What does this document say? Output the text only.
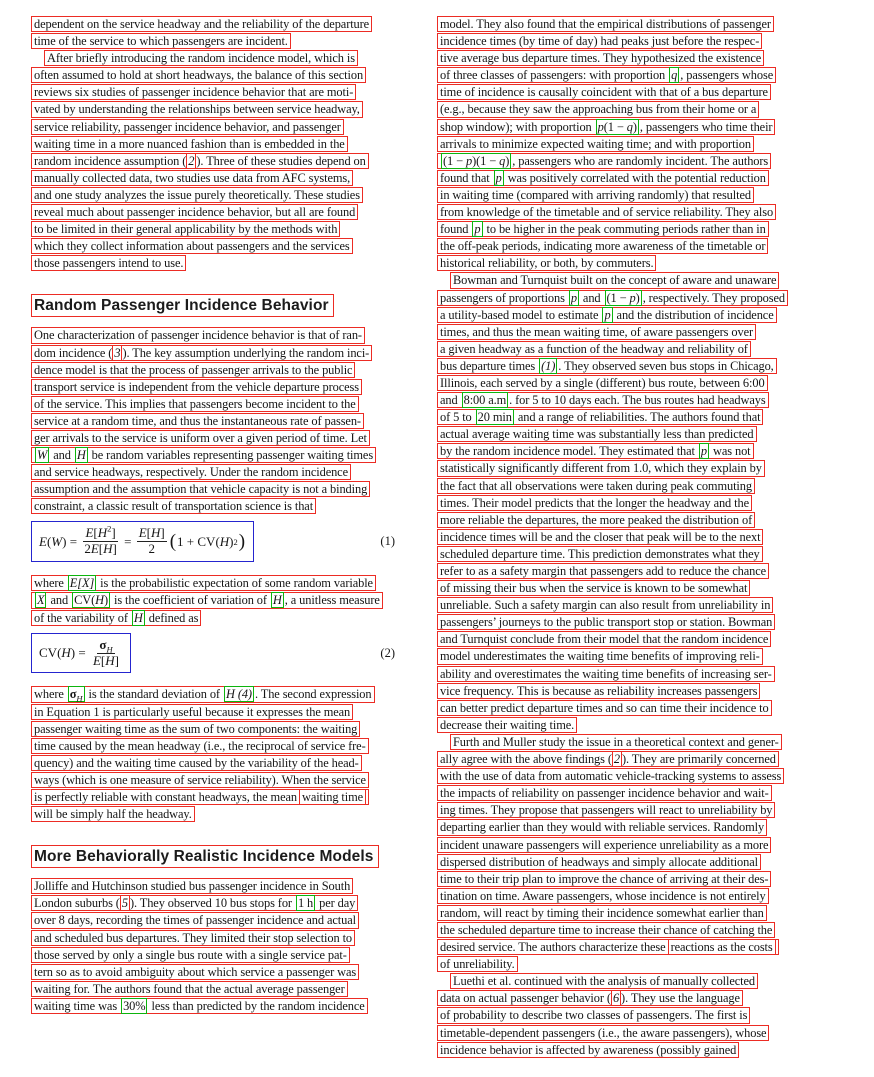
dependent on the service headway and the reliability of the departure
time of the service to which passengers are incident.
After briefly introducing the random incidence model, which is
often assumed to hold at short headways, the balance of this section
reviews six studies of passenger incidence behavior that are moti-
vated by understanding the relationships between service headway,
service reliability, passenger incidence behavior, and passenger
waiting time in a more nuanced fashion than is embedded in the
random incidence assumption ( 2 ). Three of these studies depend on
manually collected data, two studies use data from AFC systems,
and one study analyzes the issue purely theoretically. These studies
reveal much about passenger incidence behavior, but all are found
to be limited in their general applicability by the methods with
which they collect information about passengers and the services
those passengers intend to use.
Random Passenger Incidence Behavior
One characterization of passenger incidence behavior is that of ran-
dom incidence ( 3 ). The key assumption underlying the random inci-
dence model is that the process of passenger arrivals to the public
transport service is independent from the vehicle departure process
of the service. This implies that passengers become incident to the
service at a random time, and thus the instantaneous rate of passen-
ger arrivals to the service is uniform over a given period of time. Let
W and H be random variables representing passenger waiting times
and service headways, respectively. Under the random incidence
assumption and the assumption that vehicle capacity is not a binding
constraint, a classic result of transportation science is that
E ( W ) = $\frac{E[H^2]}{2E[H]} = \frac{E[H]}{2}$ ( 1 + CV ( H ) 2 )	(1)
where E[X] is the probabilistic expectation of some random variable
X and CV(H) is the coefficient of variation of H , a unitless measure
of the variability of H defined as
CV ( H ) = $\frac{\sigma_H}{E[H]}$	(2)
where $\sigma_H$ is the standard deviation of H (4) . The second expression
in Equation 1 is particularly useful because it expresses the mean
passenger waiting time as the sum of two components: the waiting
time caused by the mean headway (i.e., the reciprocal of service fre-
quency) and the waiting time caused by the variability of the head-
ways (which is one measure of service reliability). When the service
is perfectly reliable with constant headways, the mean waiting time
will be simply half the headway.
More Behaviorally Realistic Incidence Models
Jolliffe and Hutchinson studied bus passenger incidence in South
London suburbs ( 5 ). They observed 10 bus stops for 1 h per day
over 8 days, recording the times of passenger incidence and actual
and scheduled bus departures. They limited their stop selection to
those served by only a single bus route with a single service pat-
tern so as to avoid ambiguity about which service a passenger was
waiting for. The authors found that the actual average passenger
waiting time was 30% less than predicted by the random incidence
model. They also found that the empirical distributions of passenger
incidence times (by time of day) had peaks just before the respec-
tive average bus departure times. They hypothesized the existence
of three classes of passengers: with proportion q , passengers whose
time of incidence is causally coincident with that of a bus departure
(e.g., because they saw the approaching bus from their home or a
shop window); with proportion p(1 − q) , passengers who time their
arrivals to minimize expected waiting time; and with proportion
(1 − p)(1 − q) , passengers who are randomly incident. The authors
found that p was positively correlated with the potential reduction
in waiting time (compared with arriving randomly) that resulted
from knowledge of the timetable and of service reliability. They also
found p to be higher in the peak commuting periods rather than in
the off-peak periods, indicating more awareness of the timetable or
historical reliability, or both, by commuters.
Bowman and Turnquist built on the concept of aware and unaware
passengers of proportions p and (1 − p) , respectively. They proposed
a utility-based model to estimate p and the distribution of incidence
times, and thus the mean waiting time, of aware passengers over
a given headway as a function of the headway and reliability of
bus departure times (1) . They observed seven bus stops in Chicago,
Illinois, each served by a single (different) bus route, between 6:00
and 8:00 a.m . for 5 to 10 days each. The bus routes had headways
of 5 to 20 min and a range of reliabilities. The authors found that
actual average waiting time was substantially less than predicted
by the random incidence model. They estimated that p was not
statistically significantly different from 1.0, which they explain by
the fact that all observations were taken during peak commuting
times. Their model predicts that the longer the headway and the
more reliable the departures, the more peaked the distribution of
incidence times will be and the closer that peak will be to the next
scheduled departure time. This prediction demonstrates what they
refer to as a safety margin that passengers add to reduce the chance
of missing their bus when the service is known to be somewhat
unreliable. Such a safety margin can also result from unreliability in
passengers’ journeys to the public transport stop or station. Bowman
and Turnquist conclude from their model that the random incidence
model underestimates the waiting time benefits of improving reli-
ability and overestimates the waiting time benefits of increasing ser-
vice frequency. This is because as reliability increases passengers
can better predict departure times and so can time their incidence to
decrease their waiting time.
Furth and Muller study the issue in a theoretical context and gener-
ally agree with the above findings ( 2 ). They are primarily concerned
with the use of data from automatic vehicle-tracking systems to assess
the impacts of reliability on passenger incidence behavior and wait-
ing times. They propose that passengers will react to unreliability by
departing earlier than they would with reliable services. Randomly
incident unaware passengers will experience unreliability as a more
dispersed distribution of headways and simply allocate additional
time to their trip plan to improve the chance of arriving at their des-
tination on time. Aware passengers, whose incidence is not entirely
random, will react by timing their incidence somewhat earlier than
the scheduled departure time to increase their chance of catching the
desired service. The authors characterize these reactions as the costs
of unreliability.
Luethi et al. continued with the analysis of manually collected
data on actual passenger behavior ( 6 ). They use the language
of probability to describe two classes of passengers. The first is
timetable-dependent passengers (i.e., the aware passengers), whose
incidence behavior is affected by awareness (possibly gained
